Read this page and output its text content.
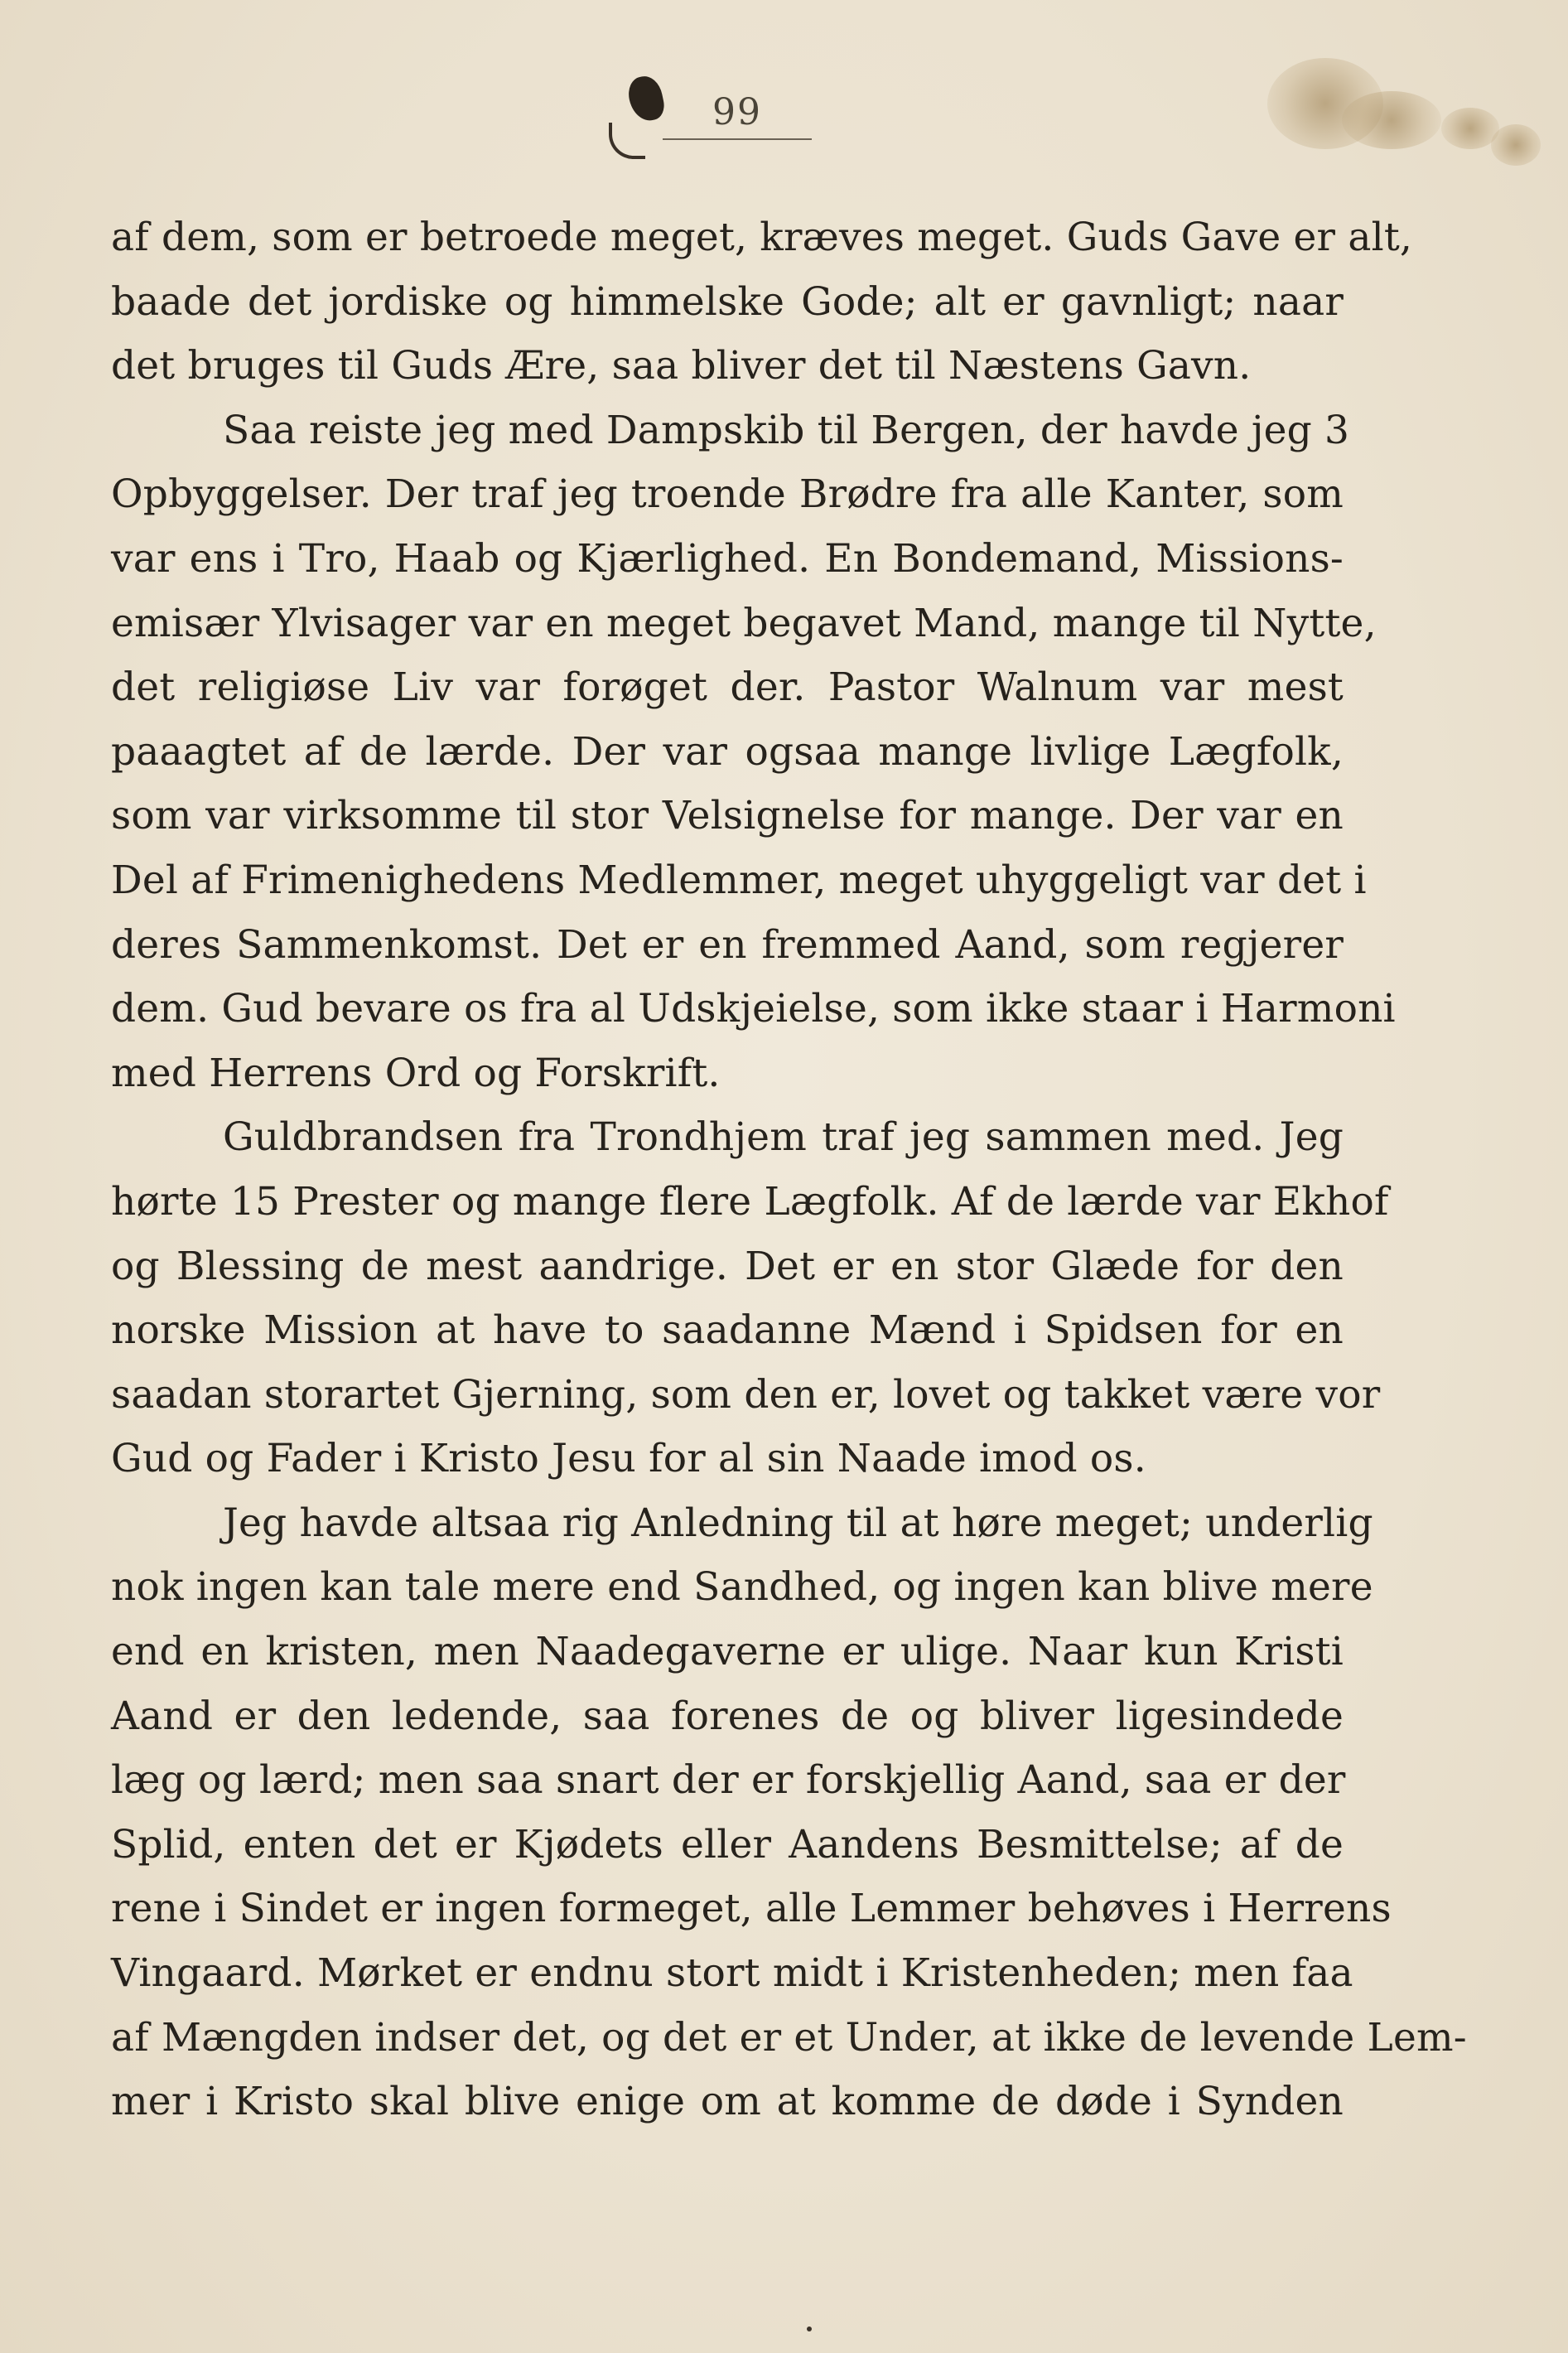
99
af dem, som er betroede meget, kræves meget. Guds Gave er alt,
baade det jordiske og himmelske Gode; alt er gavnligt; naar
det bruges til Guds Ære, saa bliver det til Næstens Gavn.
Saa reiste jeg med Dampskib til Bergen, der havde jeg 3
Opbyggelser. Der traf jeg troende Brødre fra alle Kanter, som
var ens i Tro, Haab og Kjærlighed. En Bondemand, Missions-
emisær Ylvisager var en meget begavet Mand, mange til Nytte,
det religiøse Liv var forøget der. Pastor Walnum var mest
paaagtet af de lærde. Der var ogsaa mange livlige Lægfolk,
som var virksomme til stor Velsignelse for mange. Der var en
Del af Frimenighedens Medlemmer, meget uhyggeligt var det i
deres Sammenkomst. Det er en fremmed Aand, som regjerer
dem. Gud bevare os fra al Udskjeielse, som ikke staar i Harmoni
med Herrens Ord og Forskrift.
Guldbrandsen fra Trondhjem traf jeg sammen med. Jeg
hørte 15 Prester og mange flere Lægfolk. Af de lærde var Ekhof
og Blessing de mest aandrige. Det er en stor Glæde for den
norske Mission at have to saadanne Mænd i Spidsen for en
saadan storartet Gjerning, som den er, lovet og takket være vor
Gud og Fader i Kristo Jesu for al sin Naade imod os.
Jeg havde altsaa rig Anledning til at høre meget; underlig
nok ingen kan tale mere end Sandhed, og ingen kan blive mere
end en kristen, men Naadegaverne er ulige. Naar kun Kristi
Aand er den ledende, saa forenes de og bliver ligesindede
læg og lærd; men saa snart der er forskjellig Aand, saa er der
Splid, enten det er Kjødets eller Aandens Besmittelse; af de
rene i Sindet er ingen formeget, alle Lemmer behøves i Herrens
Vingaard. Mørket er endnu stort midt i Kristenheden; men faa
af Mængden indser det, og det er et Under, at ikke de levende Lem-
mer i Kristo skal blive enige om at komme de døde i Synden
